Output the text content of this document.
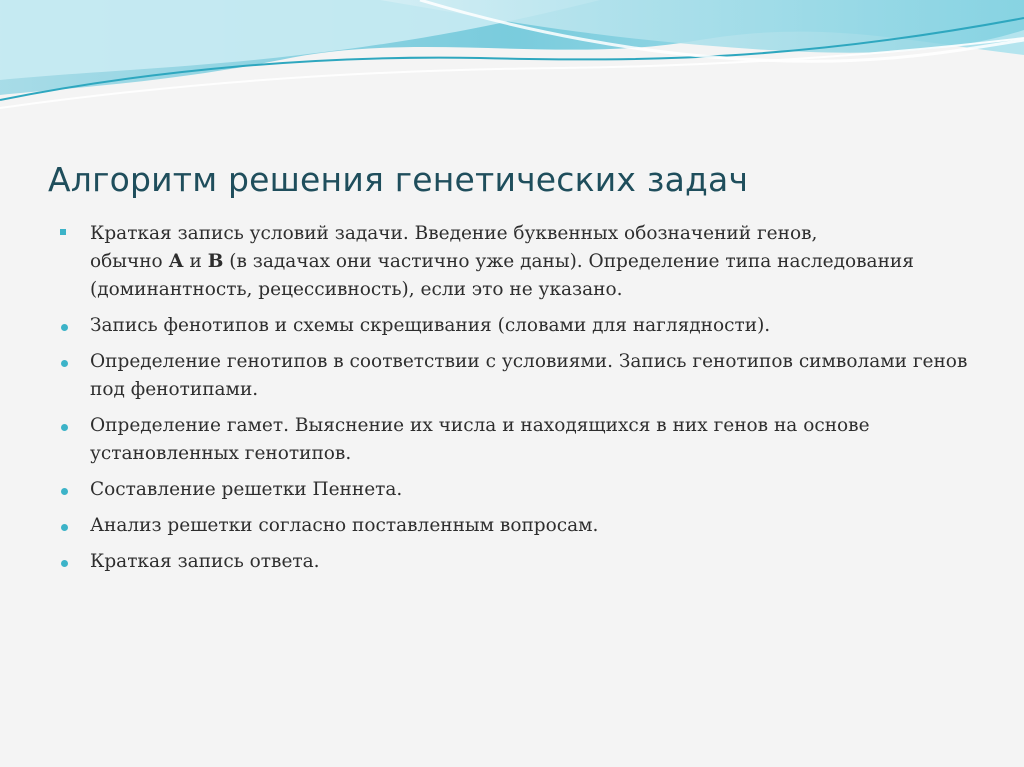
Алгоритм решения генетических задач
Краткая запись условий задачи. Введение буквенных обозначений генов,
обычно А и В (в задачах они частично уже даны). Определение типа наследования (доминантность, рецессивность), если это не указано.
Запись фенотипов и схемы скрещивания (словами для наглядности).
Определение генотипов в соответствии с условиями. Запись генотипов символами генов под фенотипами.
Определение гамет. Выяснение их числа и находящихся в них генов на основе установленных генотипов.
Составление решетки Пеннета.
Анализ решетки согласно поставленным вопросам.
Краткая запись ответа.
